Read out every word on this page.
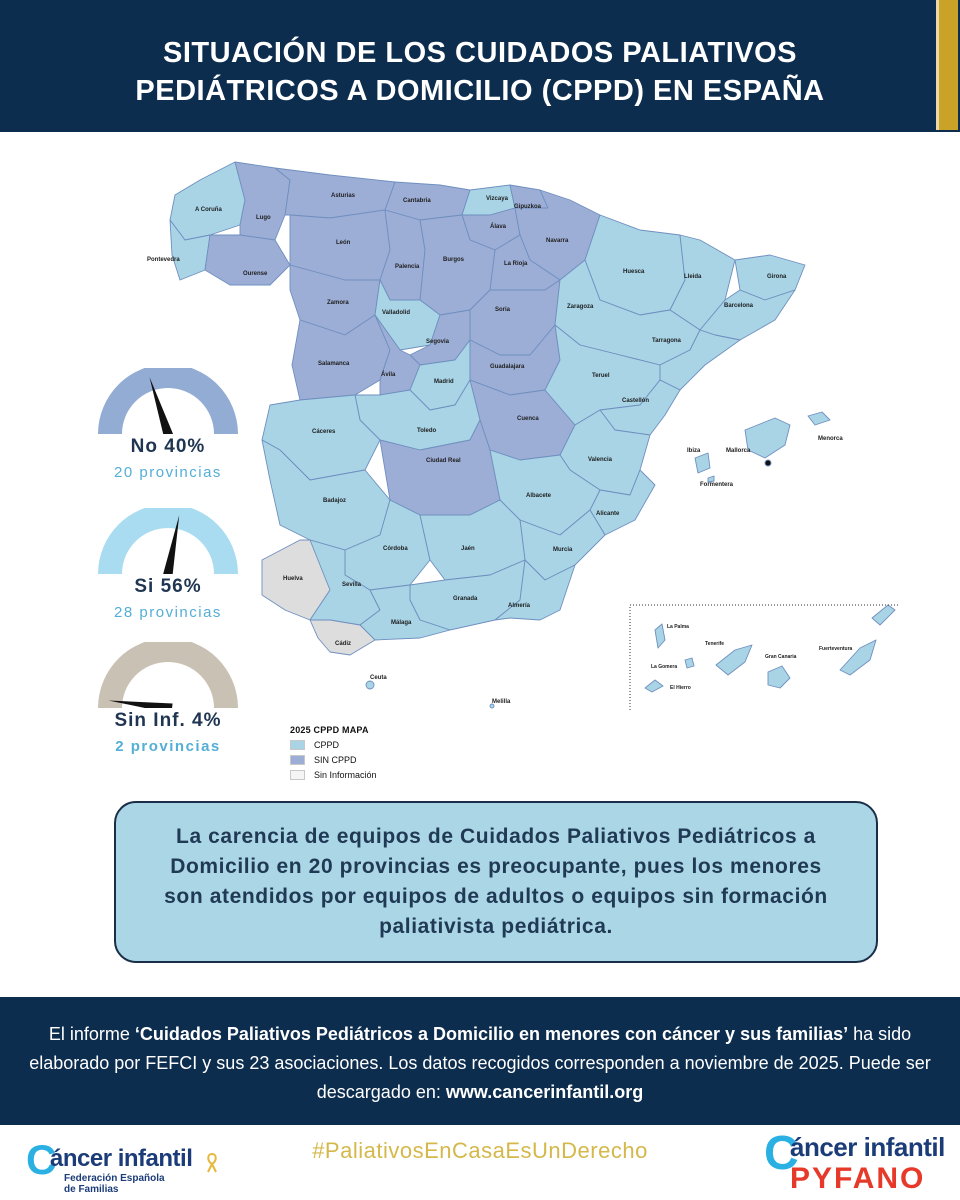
SITUACIÓN DE LOS CUIDADOS PALIATIVOS
PEDIÁTRICOS A DOMICILIO (CPPD) EN ESPAÑA
A Coruña
Lugo
Pontevedra
Ourense
Asturias
Cantabria	Vizcaya
Gipuzkoa
Álava
Navarra
León
Palencia
Burgos
La Rioja
Zamora
Valladolid	Soria
Segovia
Salamanca
Ávila
Madrid
Guadalajara
Cuenca
Ciudad Real
Huesca
Lleida	Girona
Barcelona
Tarragona
Zaragoza
Teruel
Castellón
Valencia
Alicante
Albacete
Murcia
Cáceres	Toledo
Badajoz
Córdoba	Jaén
Huelva
Sevilla
Granada
Almería
Málaga
Cádiz
Ceuta
Melilla
Ibiza	Mallorca
Menorca
Formentera
La Palma
Tenerife
La Gomera
El Hierro
Gran Canaria
Fuerteventura
No 40%
20 provincias
Si 56%
28 provincias
Sin Inf. 4%
2 provincias
2025 CPPD MAPA
CPPD
SIN CPPD
Sin Información
La carencia de equipos de Cuidados Paliativos Pediátricos a Domicilio en 20 provincias es preocupante, pues los menores son atendidos por equipos de adultos o equipos sin formación paliativista pediátrica.
El informe ‘Cuidados Paliativos Pediátricos a Domicilio en menores con cáncer y sus familias’ ha sido elaborado por FEFCI y sus 23 asociaciones. Los datos recogidos corresponden a noviembre de 2025. Puede ser descargado en: www.cancerinfantil.org
#PaliativosEnCasaEsUnDerecho
C
áncer infantil
Federación Española
de Familias
C
áncer infantil
PYFANO
